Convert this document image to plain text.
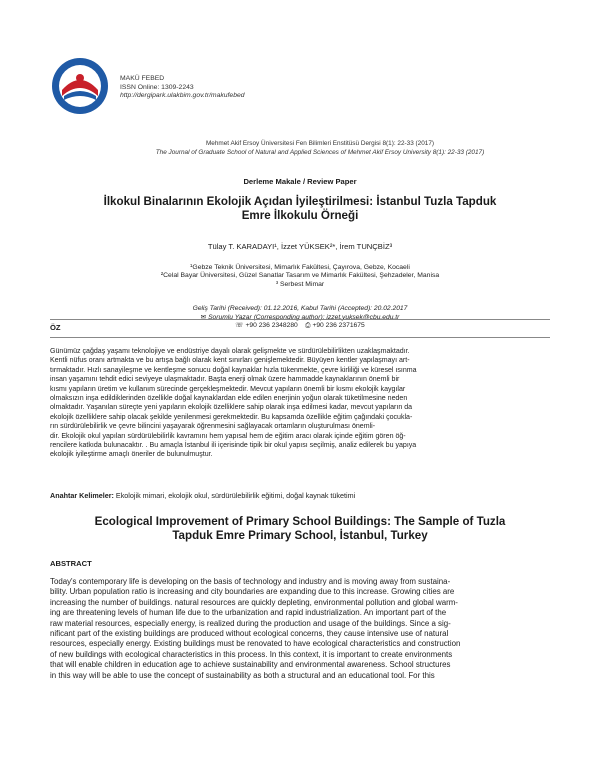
MAKÜ FEBED
ISSN Online: 1309-2243
http://dergipark.ulakbim.gov.tr/makufebed
Mehmet Akif Ersoy Üniversitesi Fen Bilimleri Enstitüsü Dergisi 8(1): 22-33 (2017)
The Journal of Graduate School of Natural and Applied Sciences of Mehmet Akif Ersoy University 8(1): 22-33 (2017)
Derleme Makale / Review Paper
İlkokul Binalarının Ekolojik Açıdan İyileştirilmesi: İstanbul Tuzla Tapduk
Emre İlkokulu Örneği
Tülay T. KARADAYI¹, İzzet YÜKSEK²*, İrem TUNÇBİZ³
¹Gebze Teknik Üniversitesi, Mimarlık Fakültesi, Çayırova, Gebze, Kocaeli
²Celal Bayar Üniversitesi, Güzel Sanatlar Tasarım ve Mimarlık Fakültesi, Şehzadeler, Manisa
³ Serbest Mimar
Geliş Tarihi (Received): 01.12.2016, Kabul Tarihi (Accepted): 20.02.2017
✉ Sorumlu Yazar (Corresponding author): izzet.yuksek@cbu.edu.tr
☏ +90 236 2348280 ⎙ +90 236 2371675
ÖZ
Günümüz çağdaş yaşamı teknolojiye ve endüstriye dayalı olarak gelişmekte ve sürdürülebilirlikten uzaklaşmaktadır.
Kentli nüfus oranı artmakta ve bu artışa bağlı olarak kent sınırları genişlemektedir. Büyüyen kentler yapılaşmayı art-
tırmaktadır. Hızlı sanayileşme ve kentleşme sonucu doğal kaynaklar hızla tükenmekte, çevre kirliliği ve küresel ısınma
insan yaşamını tehdit edici seviyeye ulaşmaktadır. Başta enerji olmak üzere hammadde kaynaklarının önemli bir
kısmı yapıların üretim ve kullanım sürecinde gerçekleşmektedir. Mevcut yapıların önemli bir kısmı ekolojik kaygılar
olmaksızın inşa edildiklerinden özellikle doğal kaynaklardan elde edilen enerjinin yoğun olarak tüketilmesine neden
olmaktadır. Yaşanılan süreçte yeni yapıların ekolojik özelliklere sahip olarak inşa edilmesi kadar, mevcut yapıların da
ekolojik özelliklere sahip olacak şekilde yenilenmesi gerekmektedir. Bu kapsamda özellikle eğitim çağındaki çocukla-
rın sürdürülebilirlik ve çevre bilincini yaşayarak öğrenmesini sağlayacak ortamların oluşturulması önemli-
dir. Ekolojik okul yapıları sürdürülebilirlik kavramını hem yapısal hem de eğitim aracı olarak içinde eğitim gören öğ-
rencilere katkıda bulunacaktır. . Bu amaçla İstanbul ili içerisinde tipik bir okul yapısı seçilmiş, analiz edilerek bu yapıya
ekolojik iyileştirme amaçlı öneriler de bulunulmuştur.
Anahtar Kelimeler: Ekolojik mimari, ekolojik okul, sürdürülebilirlik eğitimi, doğal kaynak tüketimi
Ecological Improvement of Primary School Buildings: The Sample of Tuzla
Tapduk Emre Primary School, İstanbul, Turkey
ABSTRACT
Today's contemporary life is developing on the basis of technology and industry and is moving away from sustaina-
bility. Urban population ratio is increasing and city boundaries are expanding due to this increase. Growing cities are
increasing the number of buildings. natural resources are quickly depleting, environmental pollution and global warm-
ing are threatening levels of human life due to the urbanization and rapid industrialization. An important part of the
raw material resources, especially energy, is realized during the production and usage of the buildings. Since a sig-
nificant part of the existing buildings are produced without ecological concerns, they cause intensive use of natural
resources, especially energy. Existing buildings must be renovated to have ecological characteristics and construction
of new buildings with ecological characteristics in this process. In this context, it is important to create environments
that will enable children in education age to achieve sustainability and environmental awareness. School structures
in this way will be able to use the concept of sustainability as both a structural and an educational tool. For this
